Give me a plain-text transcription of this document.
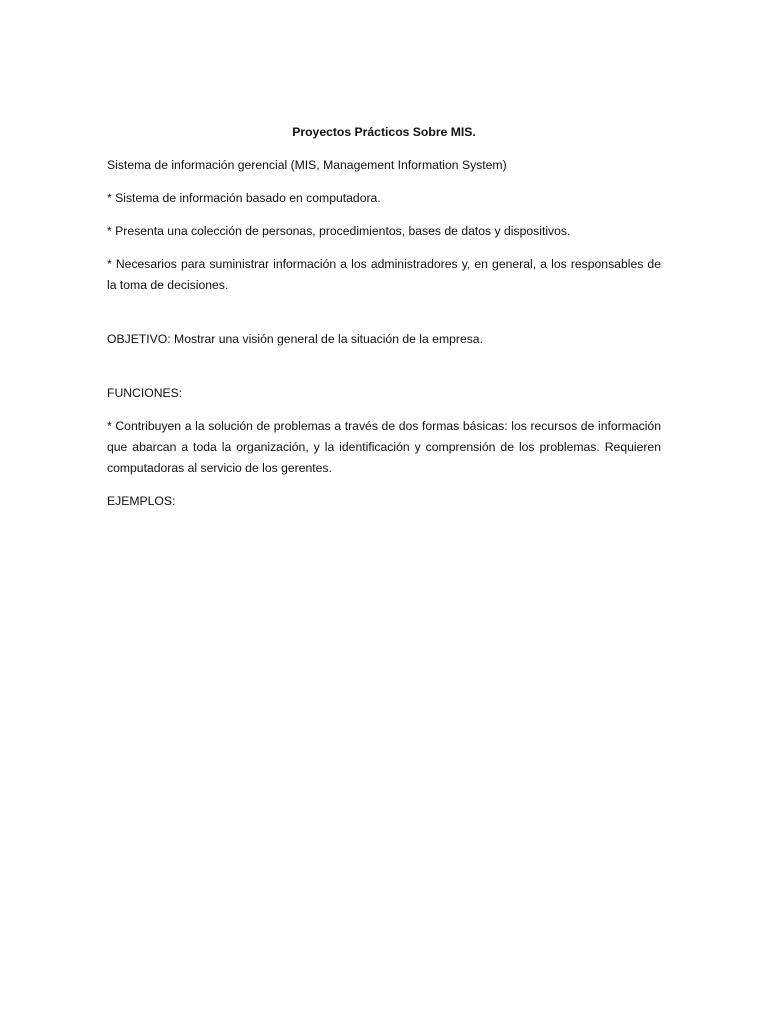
Proyectos Prácticos Sobre MIS.

Sistema de información gerencial (MIS, Management Information System)

* Sistema de información basado en computadora.

* Presenta una colección de personas, procedimientos, bases de datos y dispositivos.

* Necesarios para suministrar información a los administradores y, en general, a los responsables de la toma de decisiones.

OBJETIVO: Mostrar una visión general de la situación de la empresa.

FUNCIONES:

* Contribuyen a la solución de problemas a través de dos formas básicas: los recursos de información que abarcan a toda la organización, y la identificación y comprensión de los problemas. Requieren computadoras al servicio de los gerentes.

EJEMPLOS:
